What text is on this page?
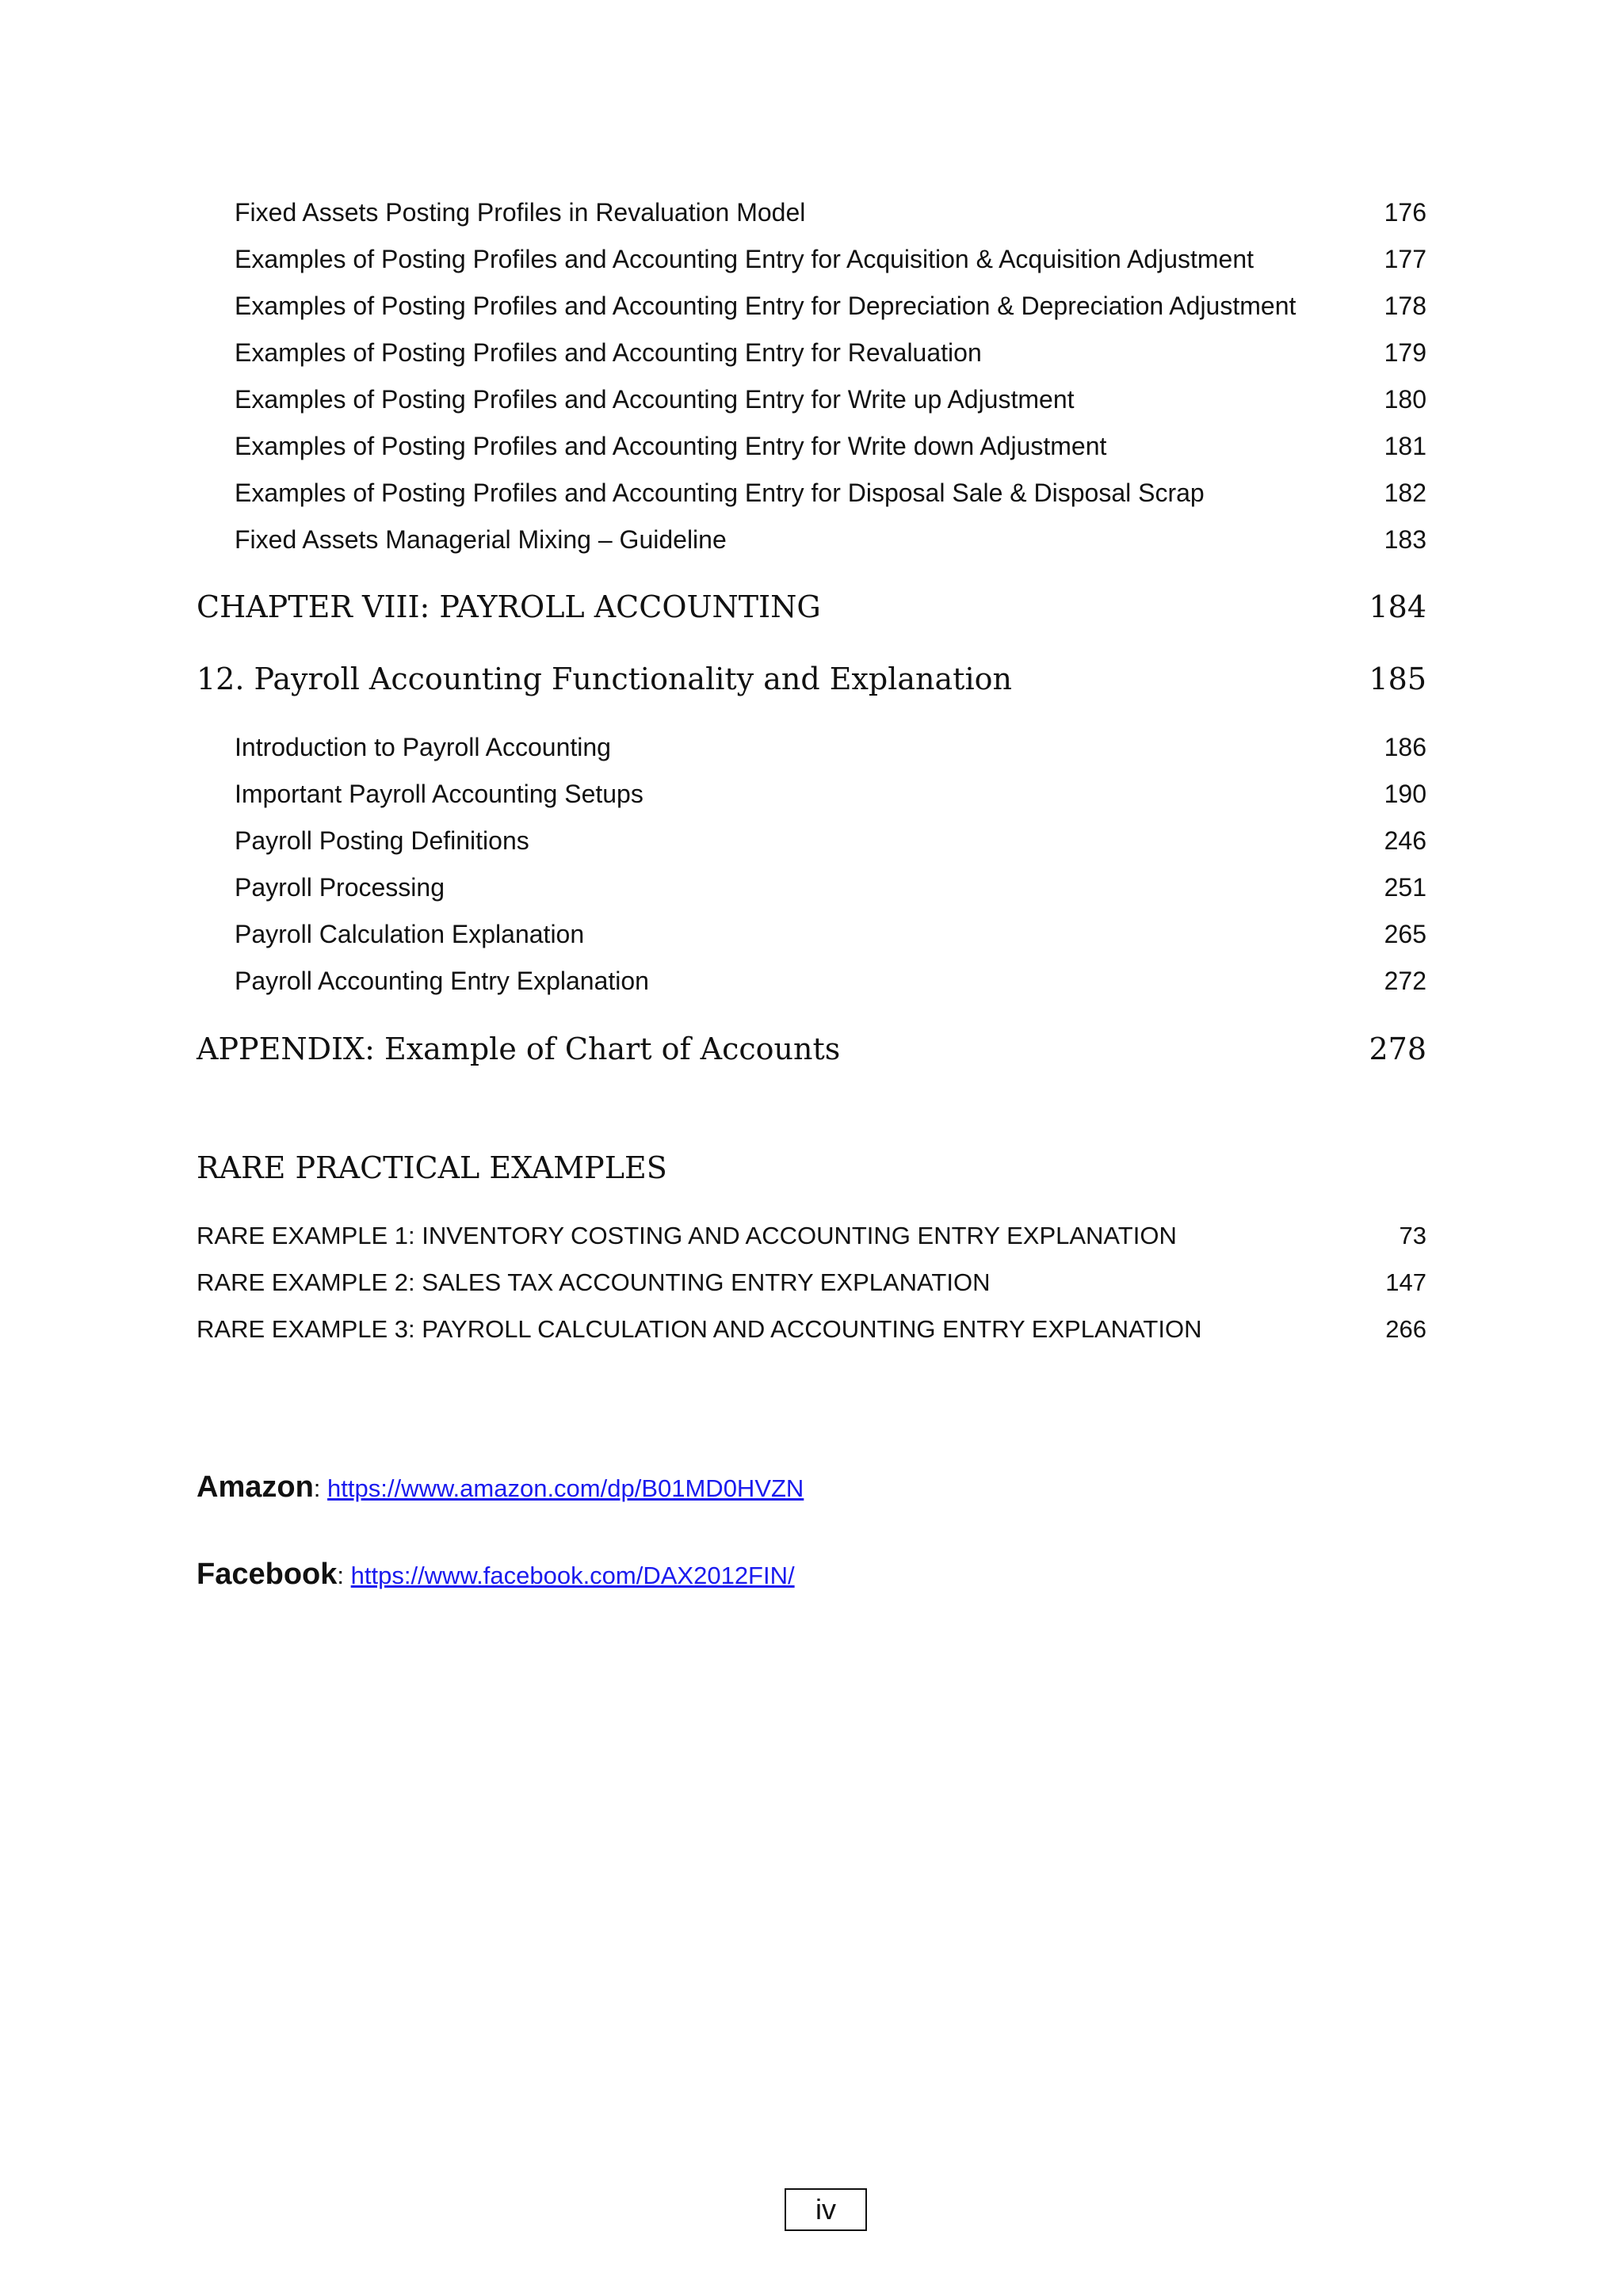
Fixed Assets Posting Profiles in Revaluation Model	176
Examples of Posting Profiles and Accounting Entry for Acquisition & Acquisition Adjustment	177
Examples of Posting Profiles and Accounting Entry for Depreciation & Depreciation Adjustment	178
Examples of Posting Profiles and Accounting Entry for Revaluation	179
Examples of Posting Profiles and Accounting Entry for Write up Adjustment	180
Examples of Posting Profiles and Accounting Entry for Write down Adjustment	181
Examples of Posting Profiles and Accounting Entry for Disposal Sale & Disposal Scrap	182
Fixed Assets Managerial Mixing – Guideline	183
CHAPTER VIII: PAYROLL ACCOUNTING	184
12. Payroll Accounting Functionality and Explanation	185
Introduction to Payroll Accounting	186
Important Payroll Accounting Setups	190
Payroll Posting Definitions	246
Payroll Processing	251
Payroll Calculation Explanation	265
Payroll Accounting Entry Explanation	272
APPENDIX: Example of Chart of Accounts	278
RARE PRACTICAL EXAMPLES
RARE EXAMPLE 1: INVENTORY COSTING AND ACCOUNTING ENTRY EXPLANATION	73
RARE EXAMPLE 2: SALES TAX ACCOUNTING ENTRY EXPLANATION	147
RARE EXAMPLE 3: PAYROLL CALCULATION AND ACCOUNTING ENTRY EXPLANATION	266
Amazon: https://www.amazon.com/dp/B01MD0HVZN
Facebook: https://www.facebook.com/DAX2012FIN/
iv
